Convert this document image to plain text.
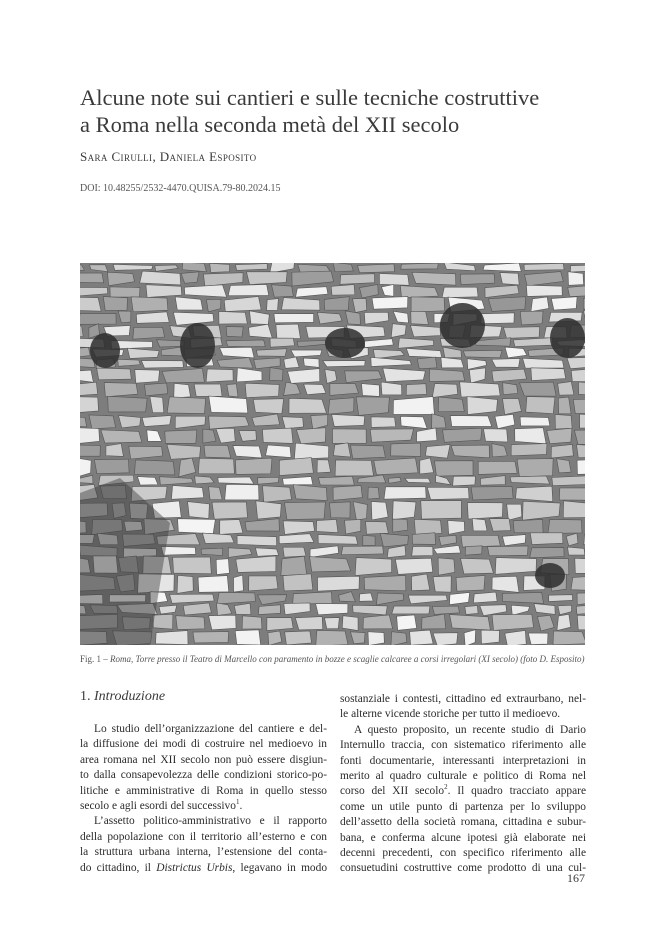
Alcune note sui cantieri e sulle tecniche costruttive
a Roma nella seconda metà del XII secolo
Sara Cirulli, Daniela Esposito
DOI: 10.48255/2532-4470.QUISA.79-80.2024.15
Fig. 1 – Roma, Torre presso il Teatro di Marcello con paramento in bozze e scaglie calcaree a corsi irregolari (XI secolo) (foto D. Esposito)
1. Introduzione
Lo studio dell’organizzazione del cantiere e del-
la diffusione dei modi di costruire nel medioevo in
area romana nel XII secolo non può essere disgiun-
to dalla consapevolezza delle condizioni storico-po-
litiche e amministrative di Roma in quello stesso
secolo e agli esordi del successivo$^1$.
L’assetto politico-amministrativo e il rapporto
della popolazione con il territorio all’esterno e con
la struttura urbana interna, l’estensione del conta-
do cittadino, il Districtus Urbis, legavano in modo
sostanziale i contesti, cittadino ed extraurbano, nel-
le alterne vicende storiche per tutto il medioevo.
A questo proposito, un recente studio di Dario
Internullo traccia, con sistematico riferimento alle
fonti documentarie, interessanti interpretazioni in
merito al quadro culturale e politico di Roma nel
corso del XII secolo$^2$. Il quadro tracciato appare
come un utile punto di partenza per lo sviluppo
dell’assetto della società romana, cittadina e subur-
bana, e conferma alcune ipotesi già elaborate nei
decenni precedenti, con specifico riferimento alle
consuetudini costruttive come prodotto di una cul-
167
